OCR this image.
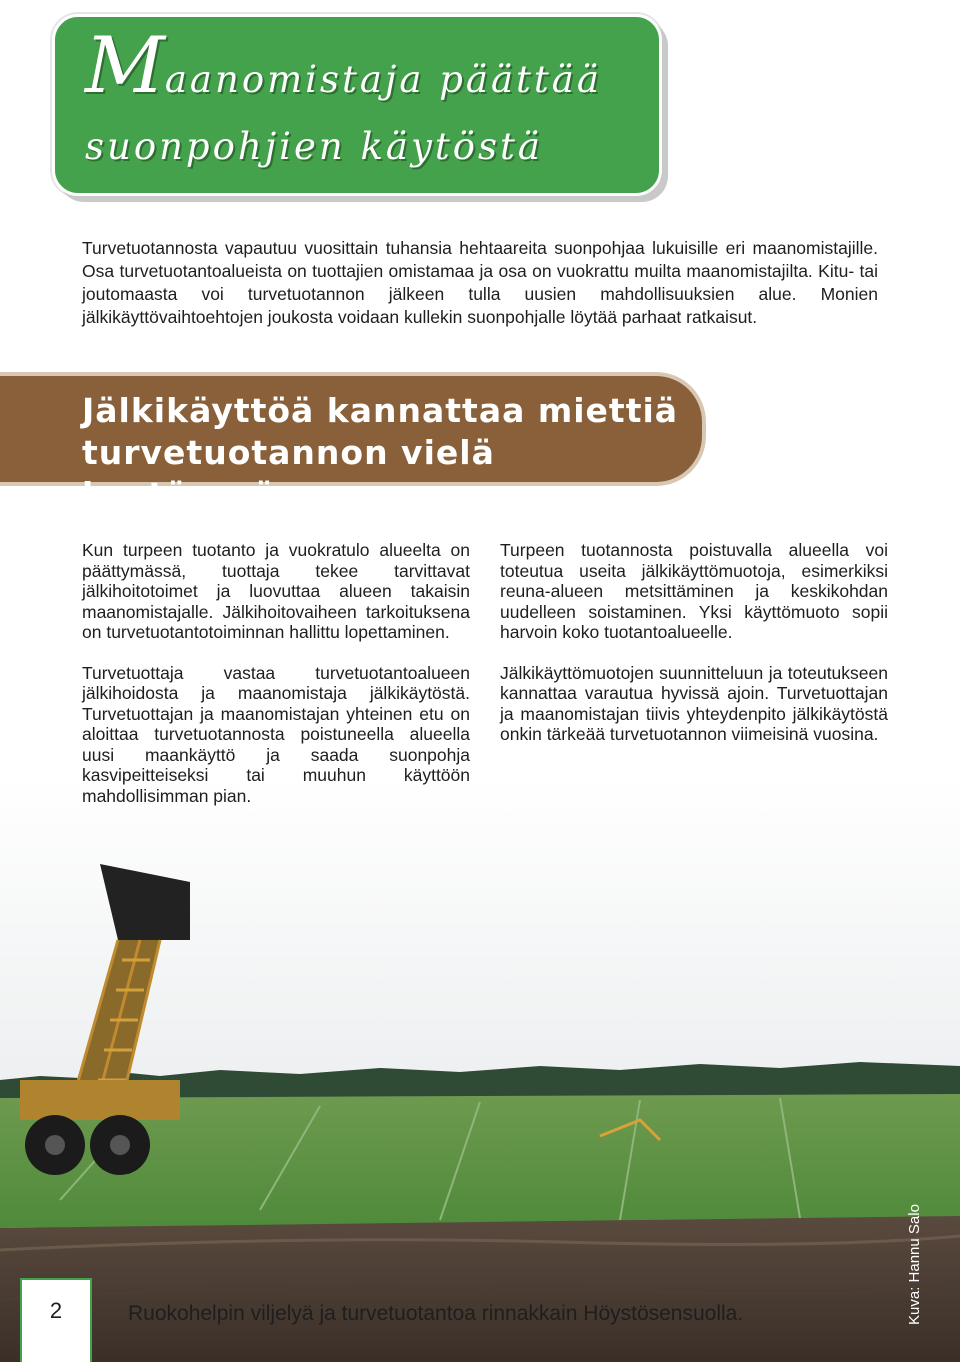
Maanomistaja päättää
suonpohjien käytöstä

Turvetuotannosta vapautuu vuosittain tuhansia hehtaareita suonpohjaa lukuisille eri maanomistajille. Osa turvetuotantoalueista on tuottajien omistamaa ja osa on vuokrattu muilta maanomistajilta. Kitu- tai joutomaasta voi turvetuotannon jälkeen tulla uusien mahdollisuuksien alue. Monien jälkikäyttövaihtoehtojen joukosta voidaan kullekin suonpohjalle löytää parhaat ratkaisut.

Jälkikäyttöä kannattaa miettiä
turvetuotannon vielä kestäessä

Kun turpeen tuotanto ja vuokratulo alueelta on päättymässä, tuottaja tekee tarvittavat jälkihoitotoimet ja luovuttaa alueen takaisin maanomistajalle. Jälkihoitovaiheen tarkoituksena on turvetuotantotoiminnan hallittu lopettaminen.

Turvetuottaja vastaa turvetuotantoalueen jälkihoidosta ja maanomistaja jälkikäytöstä. Turvetuottajan ja maanomistajan yhteinen etu on aloittaa turvetuotannosta poistuneella alueella uusi maankäyttö ja saada suonpohja kasvipeitteiseksi tai muuhun käyttöön mahdollisimman pian.

Turpeen tuotannosta poistuvalla alueella voi toteutua useita jälkikäyttömuotoja, esimerkiksi reuna-alueen metsittäminen ja keskikohdan uudelleen soistaminen. Yksi käyttömuoto sopii harvoin koko tuotantoalueelle.

Jälkikäyttömuotojen suunnitteluun ja toteutukseen kannattaa varautua hyvissä ajoin. Turvetuottajan ja maanomistajan tiivis yhteydenpito jälkikäytöstä onkin tärkeää turvetuotannon viimeisinä vuosina.

Kuva: Hannu Salo
2	Ruokohelpin viljelyä ja turvetuotantoa rinnakkain Höystösensuolla.
